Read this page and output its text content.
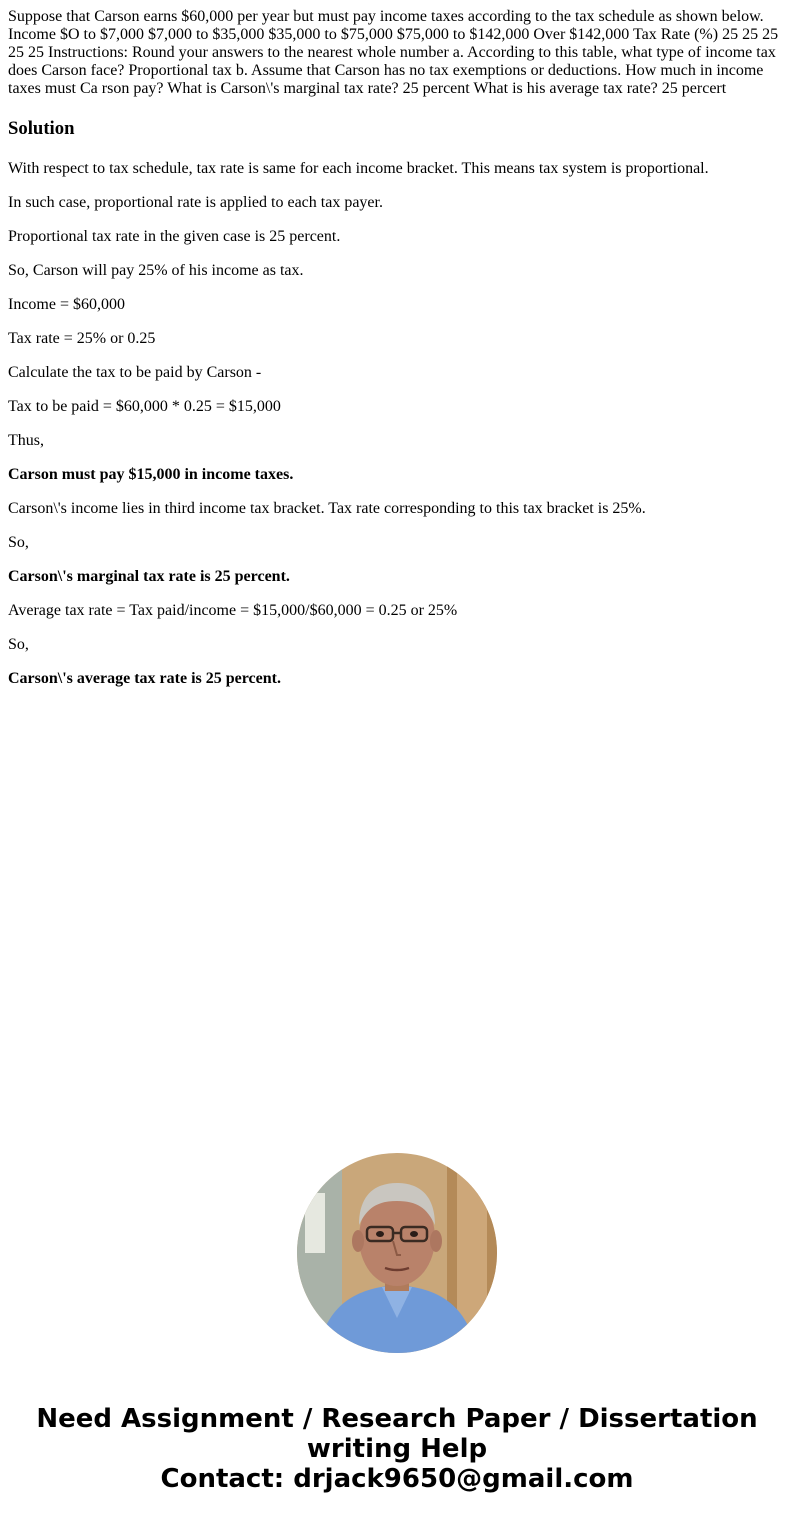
Suppose that Carson earns $60,000 per year but must pay income taxes according to the tax schedule as shown below. Income $O to $7,000 $7,000 to $35,000 $35,000 to $75,000 $75,000 to $142,000 Over $142,000 Tax Rate (%) 25 25 25 25 25 Instructions: Round your answers to the nearest whole number a. According to this table, what type of income tax does Carson face? Proportional tax b. Assume that Carson has no tax exemptions or deductions. How much in income taxes must Ca rson pay? What is Carson\'s marginal tax rate? 25 percent What is his average tax rate? 25 percert

Solution

With respect to tax schedule, tax rate is same for each income bracket. This means tax system is proportional.

In such case, proportional rate is applied to each tax payer.

Proportional tax rate in the given case is 25 percent.

So, Carson will pay 25% of his income as tax.

Income = $60,000

Tax rate = 25% or 0.25

Calculate the tax to be paid by Carson -

Tax to be paid = $60,000 * 0.25 = $15,000

Thus,

Carson must pay $15,000 in income taxes.

Carson\'s income lies in third income tax bracket. Tax rate corresponding to this tax bracket is 25%.

So,

Carson\'s marginal tax rate is 25 percent.

Average tax rate = Tax paid/income = $15,000/$60,000 = 0.25 or 25%

So,

Carson\'s average tax rate is 25 percent.

Need Assignment / Research Paper / Dissertation
writing Help
Contact: drjack9650@gmail.com
